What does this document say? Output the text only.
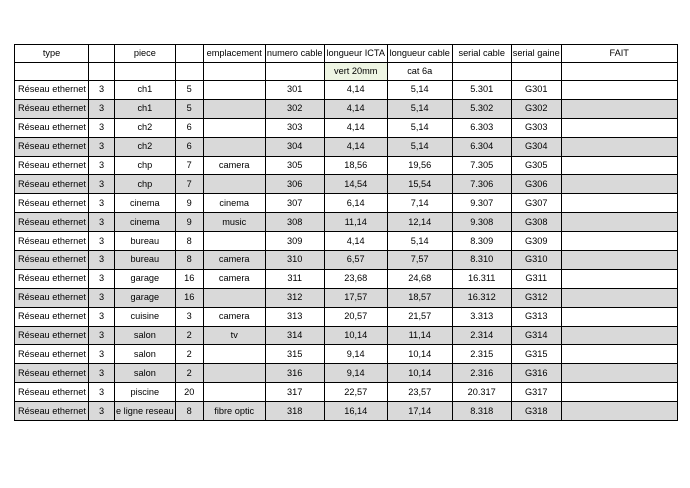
type		piece		emplacement	numero cable	longueur ICTA	longueur cable	serial cable	serial gaine	FAIT
						vert 20mm	cat 6a			
Réseau ethernet	3	ch1	5		301	4,14	5,14	5.301	G301	
Réseau ethernet	3	ch1	5		302	4,14	5,14	5.302	G302	
Réseau ethernet	3	ch2	6		303	4,14	5,14	6.303	G303	
Réseau ethernet	3	ch2	6		304	4,14	5,14	6.304	G304	
Réseau ethernet	3	chp	7	camera	305	18,56	19,56	7.305	G305	
Réseau ethernet	3	chp	7		306	14,54	15,54	7.306	G306	
Réseau ethernet	3	cinema	9	cinema	307	6,14	7,14	9.307	G307	
Réseau ethernet	3	cinema	9	music	308	11,14	12,14	9.308	G308	
Réseau ethernet	3	bureau	8		309	4,14	5,14	8.309	G309	
Réseau ethernet	3	bureau	8	camera	310	6,57	7,57	8.310	G310	
Réseau ethernet	3	garage	16	camera	311	23,68	24,68	16.311	G311	
Réseau ethernet	3	garage	16		312	17,57	18,57	16.312	G312	
Réseau ethernet	3	cuisine	3	camera	313	20,57	21,57	3.313	G313	
Réseau ethernet	3	salon	2	tv	314	10,14	11,14	2.314	G314	
Réseau ethernet	3	salon	2		315	9,14	10,14	2.315	G315	
Réseau ethernet	3	salon	2		316	9,14	10,14	2.316	G316	
Réseau ethernet	3	piscine	20		317	22,57	23,57	20.317	G317	
Réseau ethernet	3	e ligne reseau	8	fibre optic	318	16,14	17,14	8.318	G318	
